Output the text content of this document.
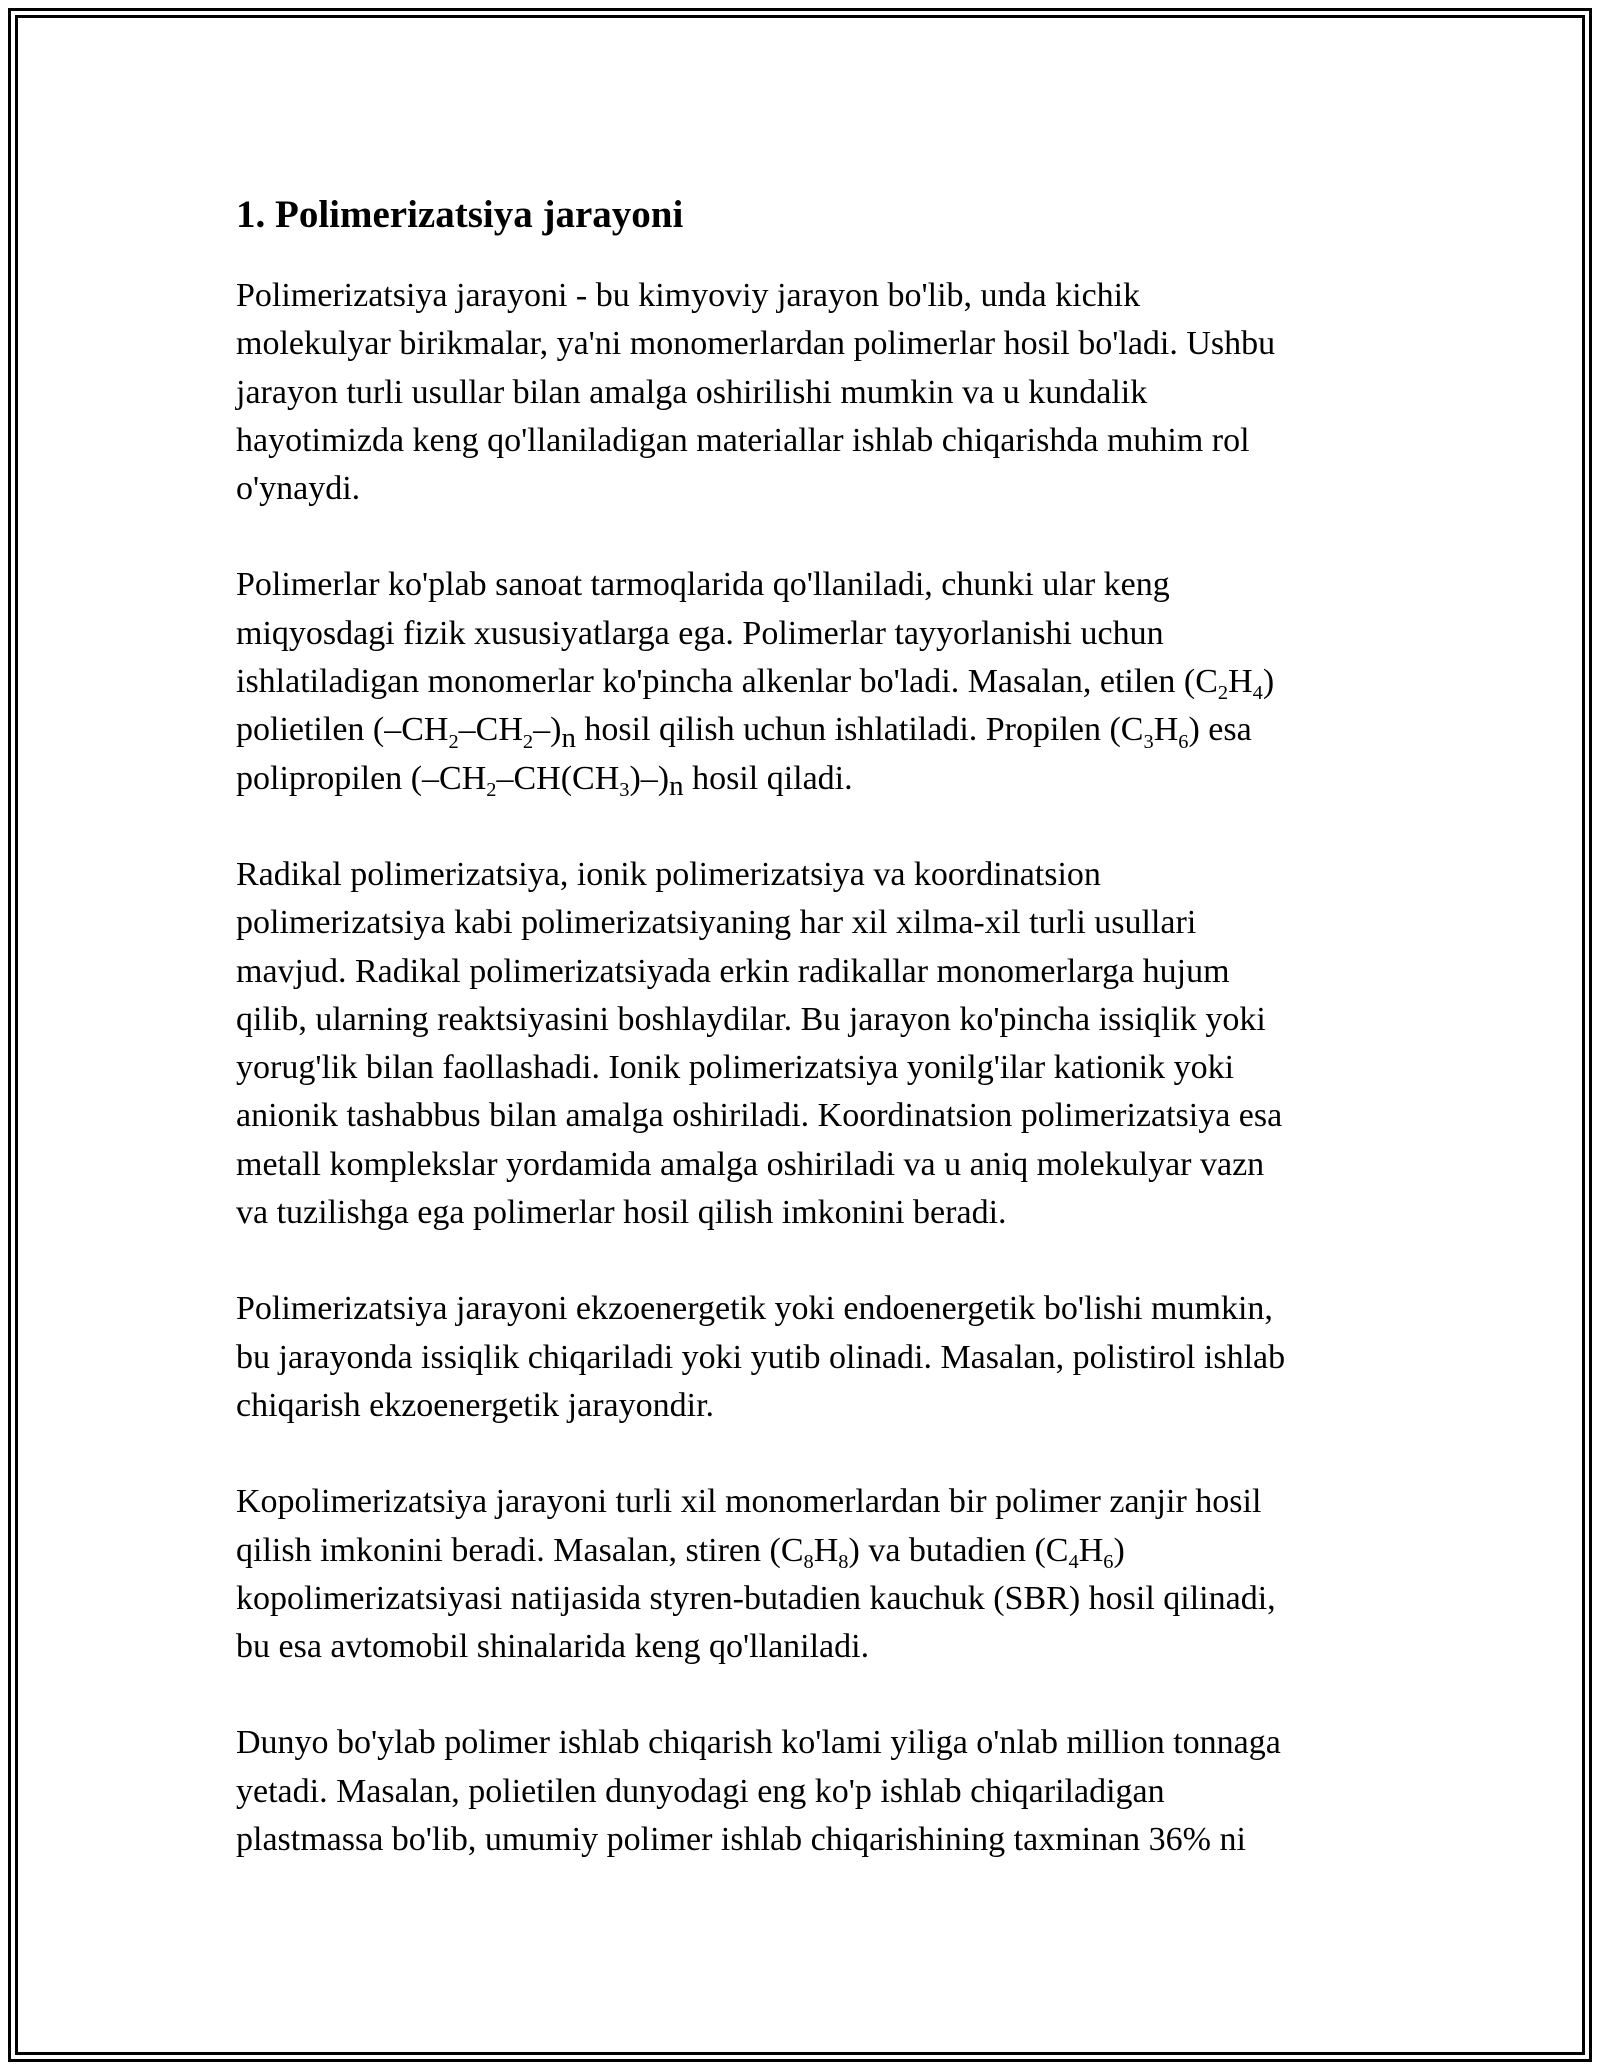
1. Polimerizatsiya jarayoni

Polimerizatsiya jarayoni - bu kimyoviy jarayon bo'lib, unda kichik
molekulyar birikmalar, ya'ni monomerlardan polimerlar hosil bo'ladi. Ushbu
jarayon turli usullar bilan amalga oshirilishi mumkin va u kundalik
hayotimizda keng qo'llaniladigan materiallar ishlab chiqarishda muhim rol
o'ynaydi.

Polimerlar ko'plab sanoat tarmoqlarida qo'llaniladi, chunki ular keng
miqyosdagi fizik xususiyatlarga ega. Polimerlar tayyorlanishi uchun
ishlatiladigan monomerlar ko'pincha alkenlar bo'ladi. Masalan, etilen $(C_2H_4)$
polietilen $(-CH_2-CH_2-)_n$ hosil qilish uchun ishlatiladi. Propilen $(C_3H_6)$ esa
polipropilen $(-CH_2-CH(CH_3)-)_n$ hosil qiladi.

Radikal polimerizatsiya, ionik polimerizatsiya va koordinatsion
polimerizatsiya kabi polimerizatsiyaning har xil xilma-xil turli usullari
mavjud. Radikal polimerizatsiyada erkin radikallar monomerlarga hujum
qilib, ularning reaktsiyasini boshlaydilar. Bu jarayon ko'pincha issiqlik yoki
yorug'lik bilan faollashadi. Ionik polimerizatsiya yonilg'ilar kationik yoki
anionik tashabbus bilan amalga oshiriladi. Koordinatsion polimerizatsiya esa
metall komplekslar yordamida amalga oshiriladi va u aniq molekulyar vazn
va tuzilishga ega polimerlar hosil qilish imkonini beradi.

Polimerizatsiya jarayoni ekzoenergetik yoki endoenergetik bo'lishi mumkin,
bu jarayonda issiqlik chiqariladi yoki yutib olinadi. Masalan, polistirol ishlab
chiqarish ekzoenergetik jarayondir.

Kopolimerizatsiya jarayoni turli xil monomerlardan bir polimer zanjir hosil
qilish imkonini beradi. Masalan, stiren $(C_8H_8)$ va butadien $(C_4H_6)$
kopolimerizatsiyasi natijasida styren-butadien kauchuk (SBR) hosil qilinadi,
bu esa avtomobil shinalarida keng qo'llaniladi.

Dunyo bo'ylab polimer ishlab chiqarish ko'lami yiliga o'nlab million tonnaga
yetadi. Masalan, polietilen dunyodagi eng ko'p ishlab chiqariladigan
plastmassa bo'lib, umumiy polimer ishlab chiqarishining taxminan 36% ni
